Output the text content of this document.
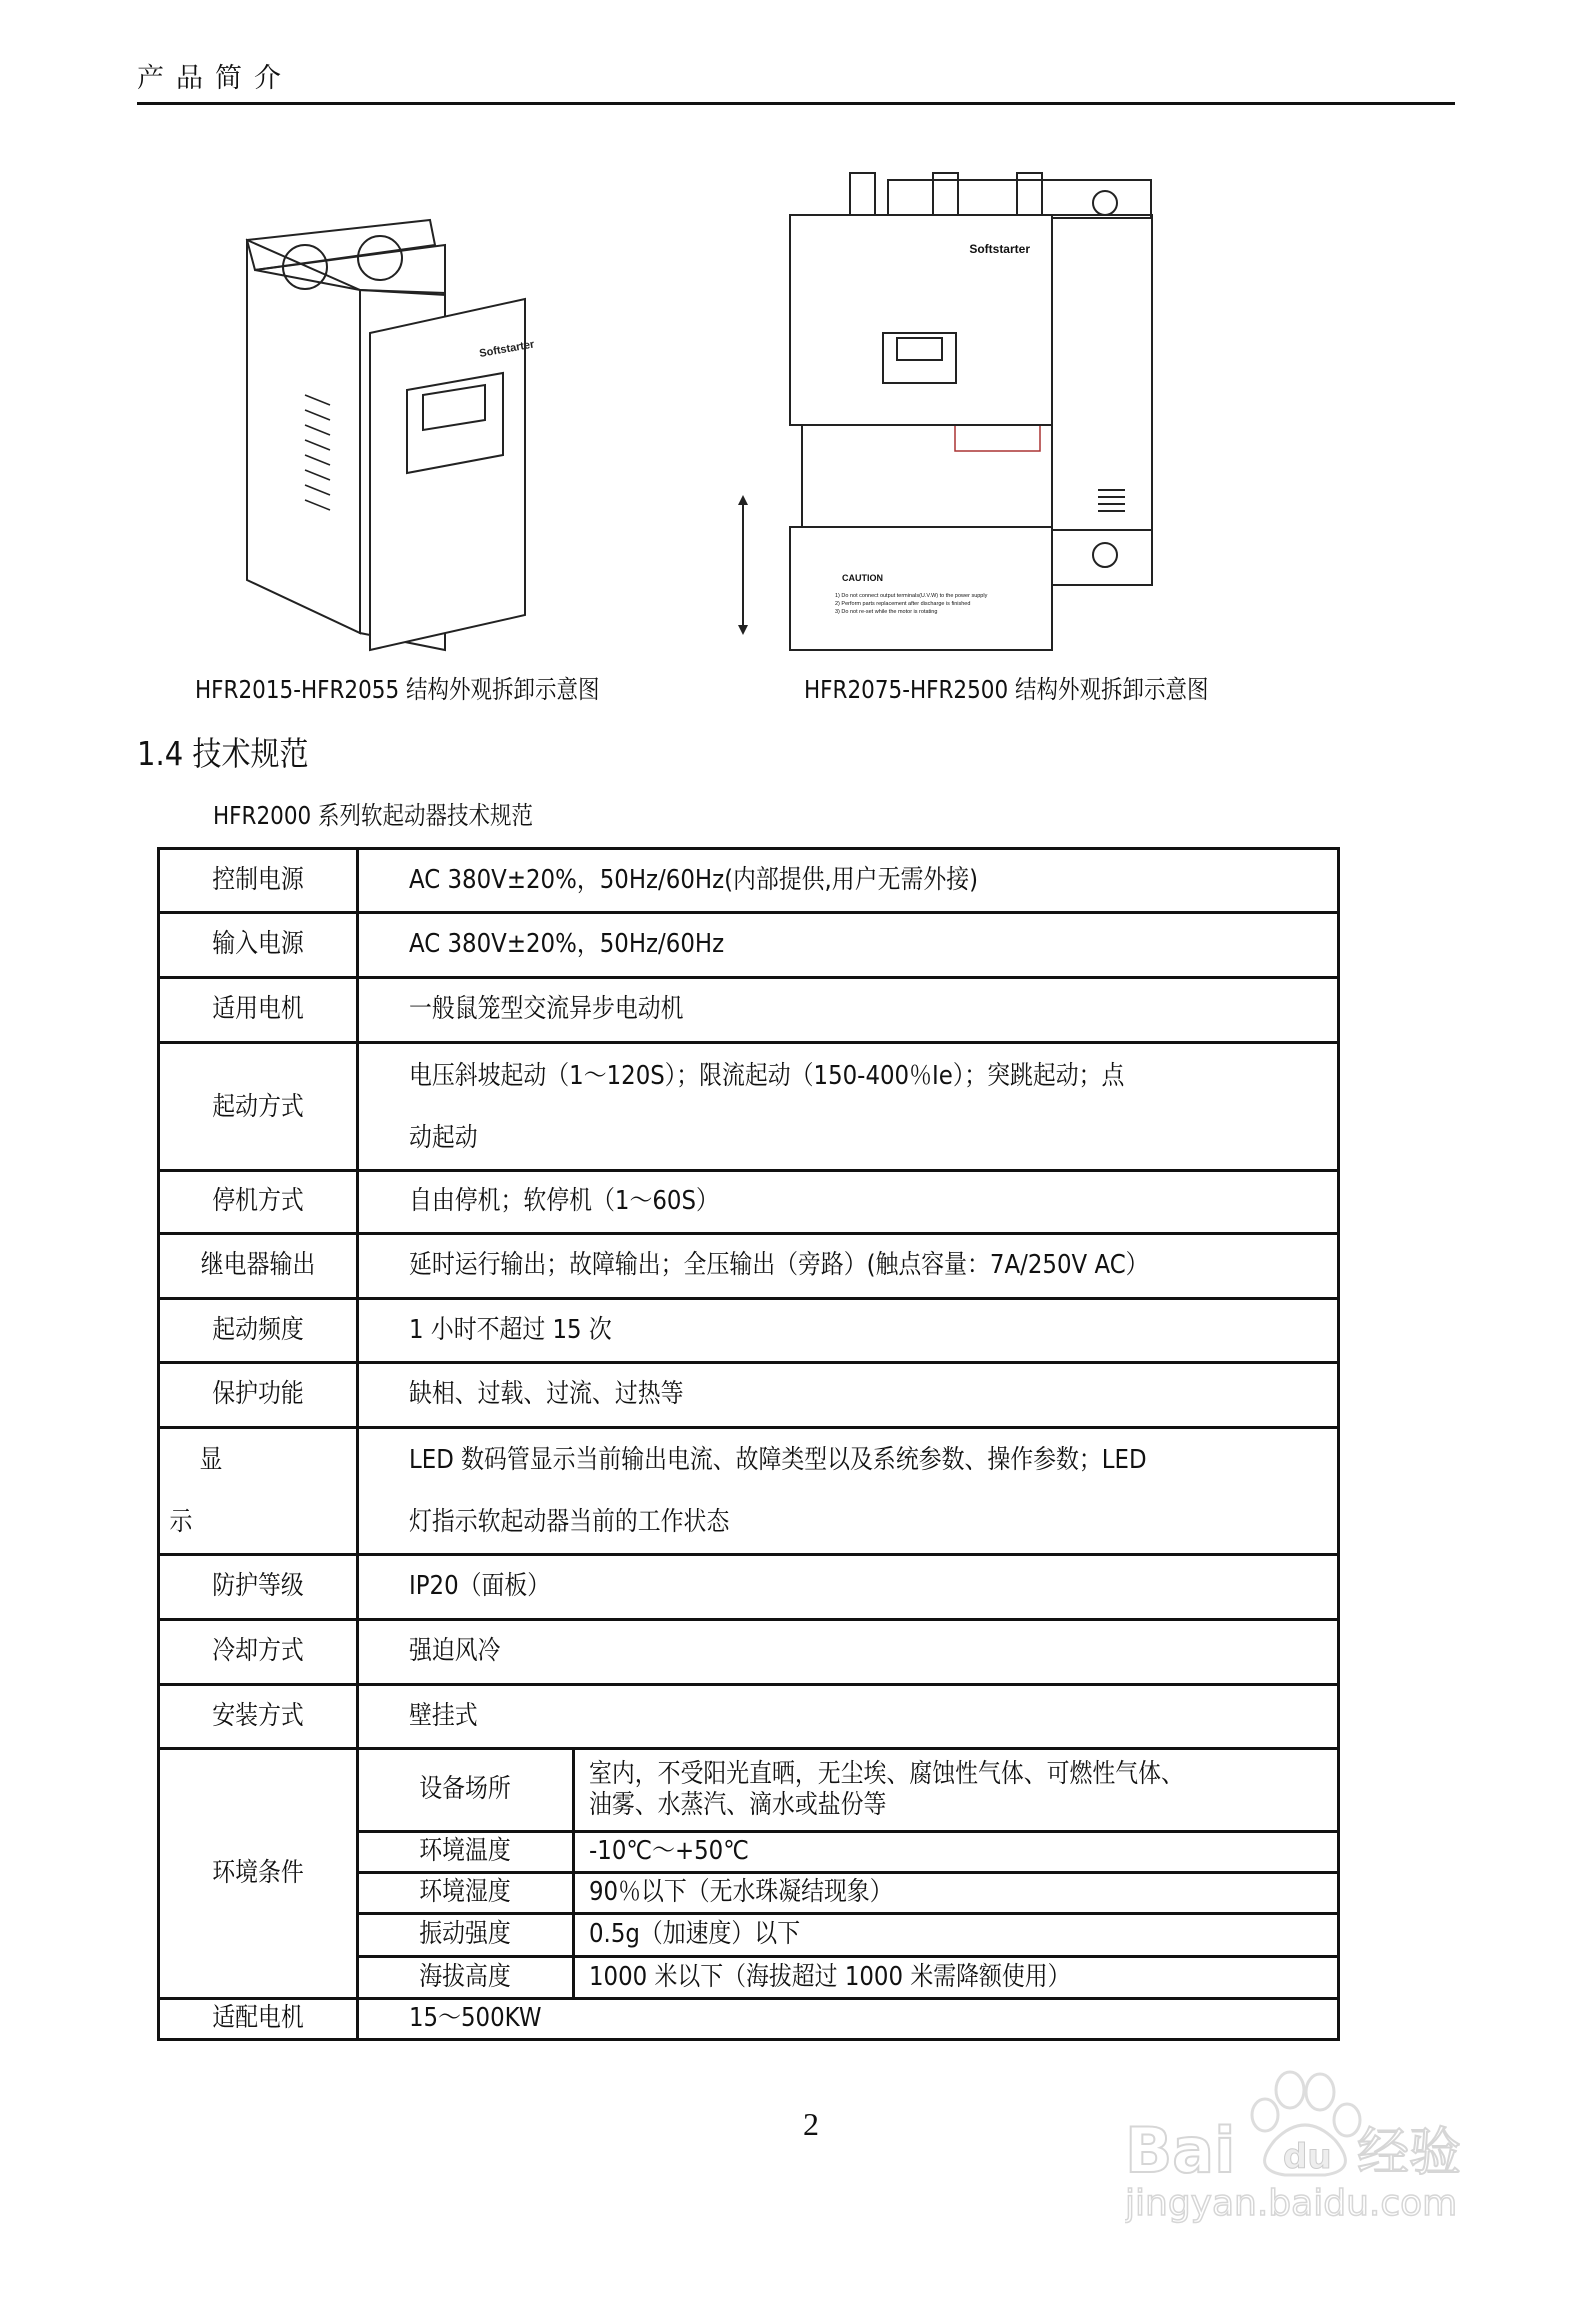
产品简介
Softstarter
Softstarter
CAUTION
1) Do not connect output terminals(U.V.W) to the power supply
2) Perform parts replacement after discharge is finished
3) Do not re-set while the motor is rotating
HFR2015-HFR2055 结构外观拆卸示意图	HFR2075-HFR2500 结构外观拆卸示意图
1.4 技术规范
HFR2000 系列软起动器技术规范
控制电源	AC 380V±20%，50Hz/60Hz(内部提供,用户无需外接)	
输入电源	AC 380V±20%，50Hz/60Hz	
适用电机	一般鼠笼型交流异步电动机	
起动方式	电压斜坡起动（1～120S）；限流起动（150-400％Ie）；突跳起动；点
动起动	
停机方式	自由停机；软停机（1～60S）	
继电器输出	延时运行输出；故障输出；全压输出（旁路）(触点容量：7A/250V AC）	
起动频度	1 小时不超过 15 次	
保护功能	缺相、过载、过流、过热等	
显
示	LED 数码管显示当前输出电流、故障类型以及系统参数、操作参数；LED
灯指示软起动器当前的工作状态	
防护等级	IP20（面板）	
冷却方式	强迫风冷	
安装方式	壁挂式	
环境条件	设备场所	室内，不受阳光直晒，无尘埃、腐蚀性气体、可燃性气体、
油雾、水蒸汽、滴水或盐份等
	环境温度	-10℃～+50℃
	环境湿度	90％以下（无水珠凝结现象）
	振动强度	0.5g（加速度）以下
	海拔高度	1000 米以下（海拔超过 1000 米需降额使用）
适配电机	15～500KW	
2	Bai du 经验
jingyan.baidu.com
